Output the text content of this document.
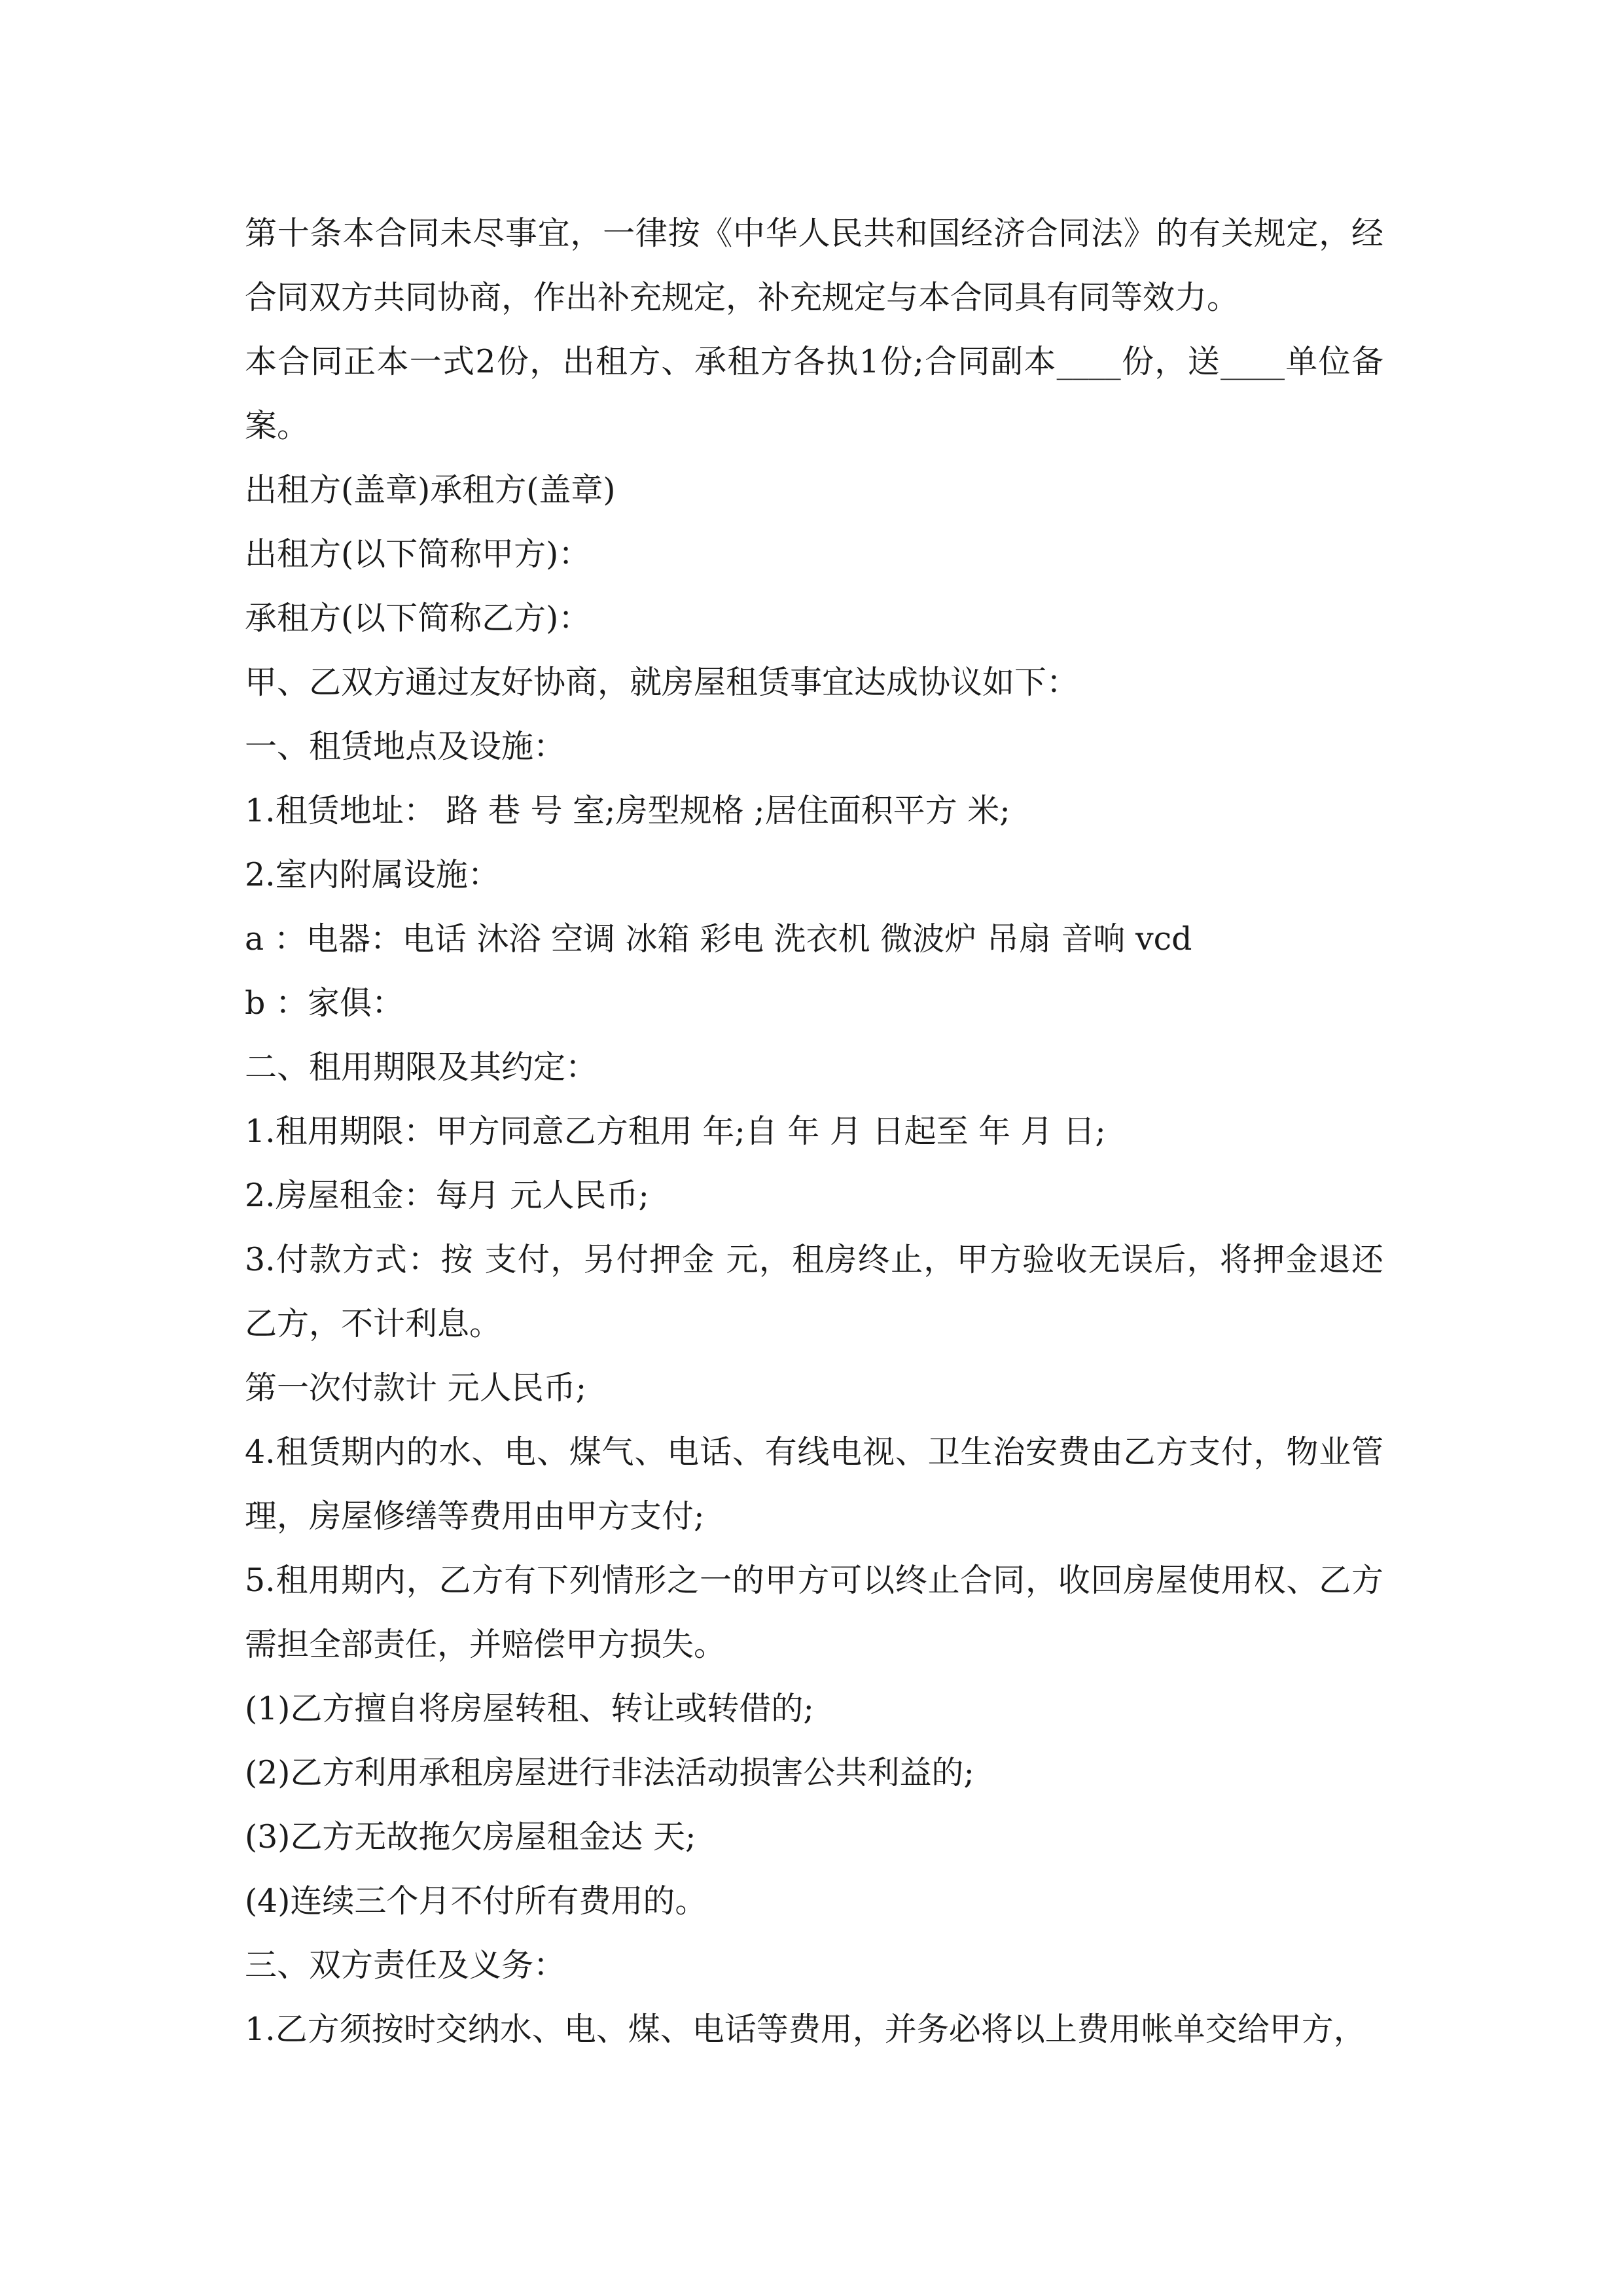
第十条本合同未尽事宜，一律按《中华人民共和国经济合同法》的有关规定，经合同双方共同协商，作出补充规定，补充规定与本合同具有同等效力。

本合同正本一式2份，出租方、承租方各执1份;合同副本____份，送____单位备案。

出租方(盖章)承租方(盖章)

出租方(以下简称甲方)：

承租方(以下简称乙方)：

甲、乙双方通过友好协商，就房屋租赁事宜达成协议如下：

一、租赁地点及设施：

1.租赁地址： 路 巷 号 室;房型规格 ;居住面积平方 米;

2.室内附属设施：

a ：电器：电话 沐浴 空调 冰箱 彩电 洗衣机 微波炉 吊扇 音响 vcd

b ：家俱：

二、租用期限及其约定：

1.租用期限：甲方同意乙方租用 年;自 年 月 日起至 年 月 日;

2.房屋租金：每月 元人民币;

3.付款方式：按 支付，另付押金 元，租房终止，甲方验收无误后，将押金退还乙方，不计利息。

第一次付款计 元人民币;

4.租赁期内的水、电、煤气、电话、有线电视、卫生治安费由乙方支付，物业管理，房屋修缮等费用由甲方支付;

5.租用期内，乙方有下列情形之一的甲方可以终止合同，收回房屋使用权、乙方需担全部责任，并赔偿甲方损失。

(1)乙方擅自将房屋转租、转让或转借的;

(2)乙方利用承租房屋进行非法活动损害公共利益的;

(3)乙方无故拖欠房屋租金达 天;

(4)连续三个月不付所有费用的。

三、双方责任及义务：

1.乙方须按时交纳水、电、煤、电话等费用，并务必将以上费用帐单交给甲方，
